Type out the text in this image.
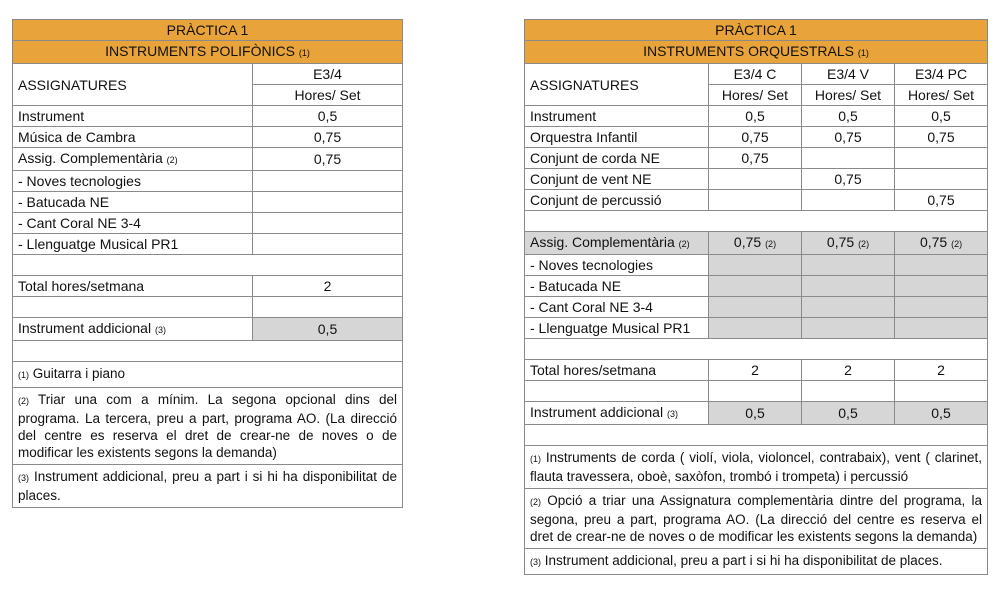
PRÀCTICA 1	
INSTRUMENTS POLIFÒNICS (1)	
ASSIGNATURES	E3/4
	Hores/ Set
Instrument	0,5
Música de Cambra	0,75
Assig. Complementària (2)	0,75
- Noves tecnologies	
- Batucada NE	
- Cant Coral NE 3-4	
- Llenguatge Musical PR1	

Total hores/setmana	2

Instrument addicional (3)	0,5

(1) Guitarra i piano	
(2) Triar una com a mínim. La segona opcional dins del programa. La tercera, preu a part, programa AO. (La direcció del centre es reserva el dret de crear-ne de noves o de modificar les existents segons la demanda)	
(3) Instrument addicional, preu a part i si hi ha disponibilitat de places.	
PRÀCTICA 1			
INSTRUMENTS ORQUESTRALS (1)			
ASSIGNATURES	E3/4 C	E3/4 V	E3/4 PC
	Hores/ Set	Hores/ Set	Hores/ Set
Instrument	0,5	0,5	0,5
Orquestra Infantil	0,75	0,75	0,75
Conjunt de corda NE	0,75		
Conjunt de vent NE		0,75	
Conjunt de percussió			0,75

Assig. Complementària (2)	0,75 (2)	0,75 (2)	0,75 (2)
- Noves tecnologies			
- Batucada NE			
- Cant Coral NE 3-4			
- Llenguatge Musical PR1			

Total hores/setmana	2	2	2

Instrument addicional (3)	0,5	0,5	0,5

(1) Instruments de corda ( violí, viola, violoncel, contrabaix), vent ( clarinet, flauta travessera, oboè, saxòfon, trombó i trompeta) i percussió			
(2) Opció a triar una Assignatura complementària dintre del programa, la segona, preu a part, programa AO. (La direcció del centre es reserva el dret de crear-ne de noves o de modificar les existents segons la demanda)			
(3) Instrument addicional, preu a part i si hi ha disponibilitat de places.			
